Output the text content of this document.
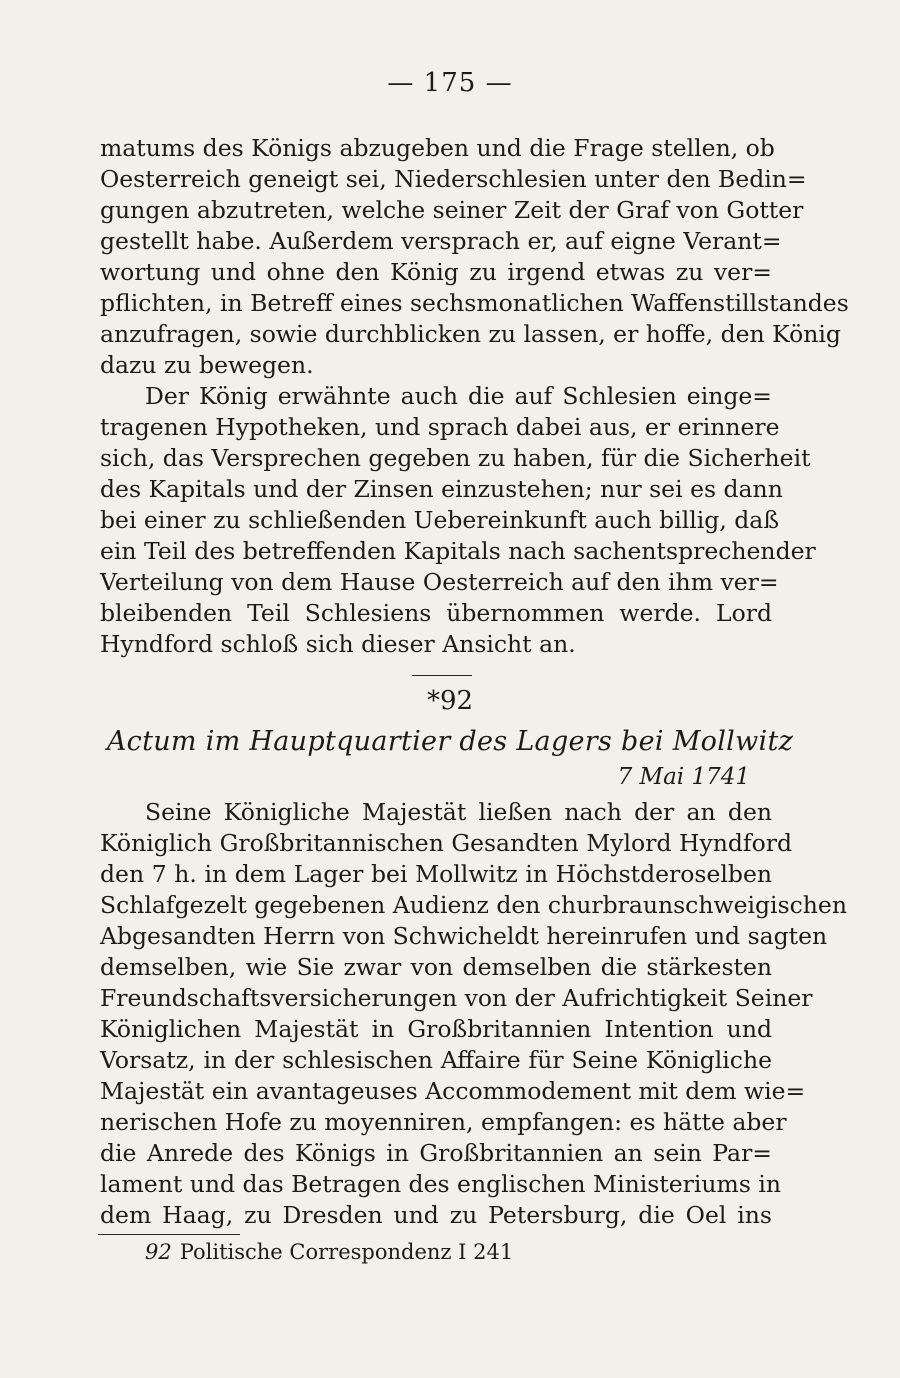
— 175 —
matums des Königs abzugeben und die Frage stellen, ob
Oesterreich geneigt sei, Niederschlesien unter den Bedin=
gungen abzutreten, welche seiner Zeit der Graf von Gotter
gestellt habe. Außerdem versprach er, auf eigne Verant=
wortung und ohne den König zu irgend etwas zu ver=
pflichten, in Betreff eines sechsmonatlichen Waffenstillstandes
anzufragen, sowie durchblicken zu lassen, er hoffe, den König
dazu zu bewegen.
Der König erwähnte auch die auf Schlesien einge=
tragenen Hypotheken, und sprach dabei aus, er erinnere
sich, das Versprechen gegeben zu haben, für die Sicherheit
des Kapitals und der Zinsen einzustehen; nur sei es dann
bei einer zu schließenden Uebereinkunft auch billig, daß
ein Teil des betreffenden Kapitals nach sachentsprechender
Verteilung von dem Hause Oesterreich auf den ihm ver=
bleibenden Teil Schlesiens übernommen werde. Lord
Hyndford schloß sich dieser Ansicht an.
*92
Actum im Hauptquartier des Lagers bei Mollwitz
7 Mai 1741
Seine Königliche Majestät ließen nach der an den
Königlich Großbritannischen Gesandten Mylord Hyndford
den 7 h. in dem Lager bei Mollwitz in Höchstderoselben
Schlafgezelt gegebenen Audienz den churbraunschweigischen
Abgesandten Herrn von Schwicheldt hereinrufen und sagten
demselben, wie Sie zwar von demselben die stärkesten
Freundschaftsversicherungen von der Aufrichtigkeit Seiner
Königlichen Majestät in Großbritannien Intention und
Vorsatz, in der schlesischen Affaire für Seine Königliche
Majestät ein avantageuses Accommodement mit dem wie=
nerischen Hofe zu moyenniren, empfangen: es hätte aber
die Anrede des Königs in Großbritannien an sein Par=
lament und das Betragen des englischen Ministeriums in
dem Haag, zu Dresden und zu Petersburg, die Oel ins
92 Politische Correspondenz I 241
